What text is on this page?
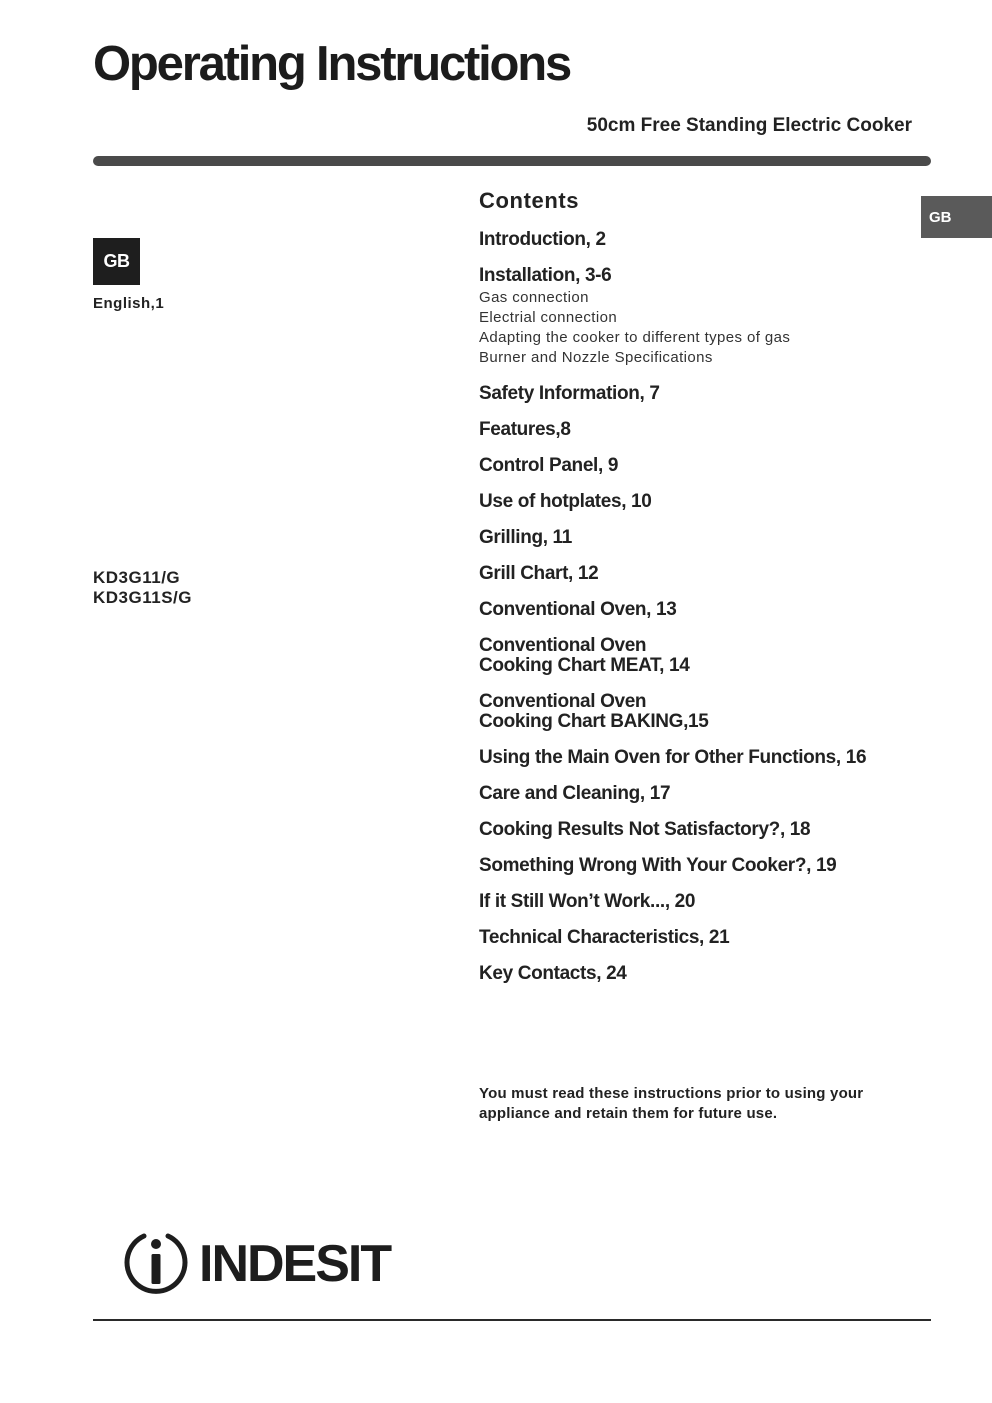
Operating Instructions
50cm Free Standing Electric Cooker
GB
GB
English,1
KD3G11/G
KD3G11S/G
Contents
Introduction, 2
Installation, 3-6
Gas connection
Electrial connection
Adapting the cooker to different types of gas
Burner and Nozzle Specifications
Safety Information, 7
Features,8
Control Panel, 9
Use of hotplates, 10
Grilling, 11
Grill Chart, 12
Conventional Oven, 13
Conventional Oven
Cooking Chart MEAT, 14
Conventional Oven
Cooking Chart BAKING,15
Using the Main Oven for Other Functions, 16
Care and Cleaning, 17
Cooking Results Not Satisfactory?, 18
Something Wrong With Your Cooker?, 19
If it Still Won’t Work..., 20
Technical Characteristics, 21
Key Contacts, 24
You must read these instructions prior to using your appliance and retain them for future use.
INDESIT
